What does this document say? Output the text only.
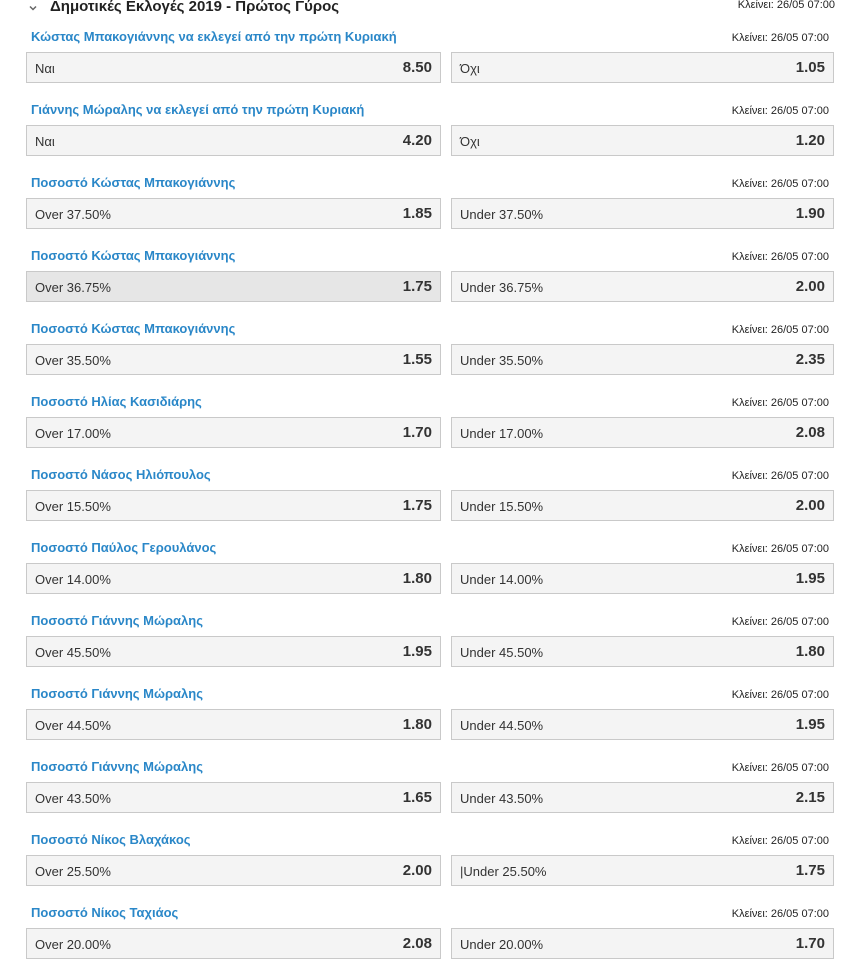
Δημοτικές Εκλογές 2019 - Πρώτος Γύρος	Κλείνει: 26/05 07:00
Κώστας Μπακογιάννης να εκλεγεί από την πρώτη Κυριακή	Κλείνει: 26/05 07:00
Ναι	8.50 Όχι	1.05
Γιάννης Μώραλης να εκλεγεί από την πρώτη Κυριακή	Κλείνει: 26/05 07:00
Ναι	4.20 Όχι	1.20
Ποσοστό Κώστας Μπακογιάννης	Κλείνει: 26/05 07:00
Over 37.50%	1.85 Under 37.50%	1.90
Ποσοστό Κώστας Μπακογιάννης	Κλείνει: 26/05 07:00
Over 36.75%	1.75 Under 36.75%	2.00
Ποσοστό Κώστας Μπακογιάννης	Κλείνει: 26/05 07:00
Over 35.50%	1.55 Under 35.50%	2.35
Ποσοστό Ηλίας Κασιδιάρης	Κλείνει: 26/05 07:00
Over 17.00%	1.70 Under 17.00%	2.08
Ποσοστό Νάσος Ηλιόπουλος	Κλείνει: 26/05 07:00
Over 15.50%	1.75 Under 15.50%	2.00
Ποσοστό Παύλος Γερουλάνος	Κλείνει: 26/05 07:00
Over 14.00%	1.80 Under 14.00%	1.95
Ποσοστό Γιάννης Μώραλης	Κλείνει: 26/05 07:00
Over 45.50%	1.95 Under 45.50%	1.80
Ποσοστό Γιάννης Μώραλης	Κλείνει: 26/05 07:00
Over 44.50%	1.80 Under 44.50%	1.95
Ποσοστό Γιάννης Μώραλης	Κλείνει: 26/05 07:00
Over 43.50%	1.65 Under 43.50%	2.15
Ποσοστό Νίκος Βλαχάκος	Κλείνει: 26/05 07:00
Over 25.50%	2.00 |Under 25.50%	1.75
Ποσοστό Νίκος Ταχιάος	Κλείνει: 26/05 07:00
Over 20.00%	2.08 Under 20.00%	1.70
